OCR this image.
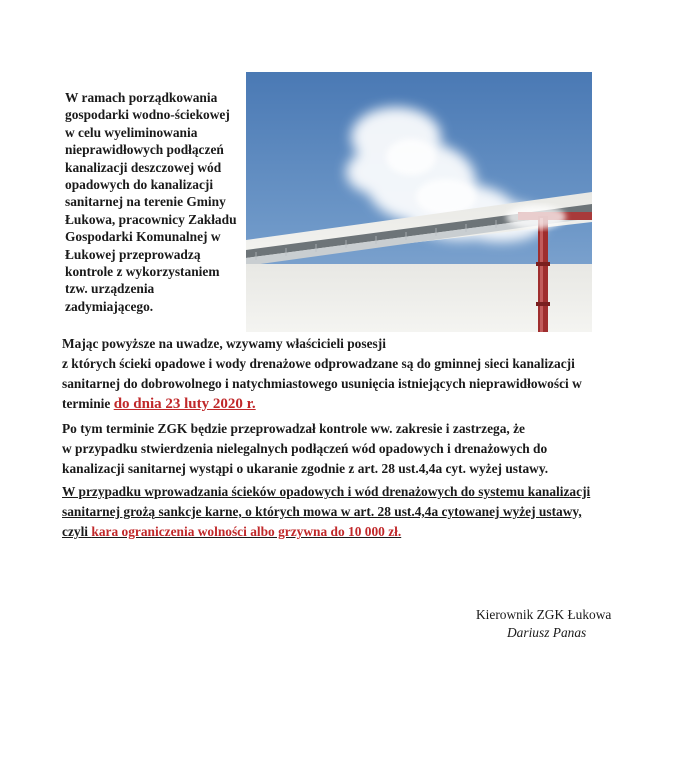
W ramach porządkowania
gospodarki wodno-ściekowej
w celu wyeliminowania
nieprawidłowych podłączeń
kanalizacji deszczowej wód
opadowych do kanalizacji
sanitarnej na terenie Gminy
Łukowa, pracownicy Zakładu
Gospodarki Komunalnej w
Łukowej przeprowadzą
kontrole z wykorzystaniem
tzw. urządzenia
zadymiającego.
Mając powyższe na uwadze, wzywamy właścicieli posesji
z których ścieki opadowe i wody drenażowe odprowadzane są do gminnej sieci kanalizacji
sanitarnej do dobrowolnego i natychmiastowego usunięcia istniejących nieprawidłowości w
terminie do dnia 23 luty 2020 r.
Po tym terminie ZGK będzie przeprowadzał kontrole ww. zakresie i zastrzega, że
w przypadku stwierdzenia nielegalnych podłączeń wód opadowych i drenażowych do
kanalizacji sanitarnej wystąpi o ukaranie zgodnie z art. 28 ust.4,4a cyt. wyżej ustawy.
W przypadku wprowadzania ścieków opadowych i wód drenażowych do systemu kanalizacji
sanitarnej grożą sankcje karne, o których mowa w art. 28 ust.4,4a cytowanej wyżej ustawy,
czyli kara ograniczenia wolności albo grzywna do 10 000 zł.
Kierownik ZGK Łukowa
Dariusz Panas
